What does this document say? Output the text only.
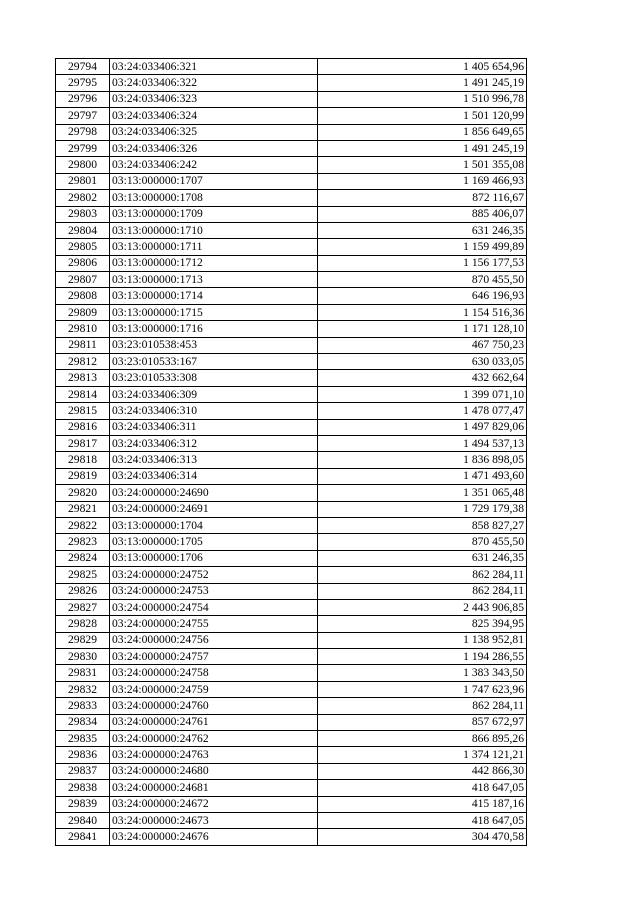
29794	03:24:033406:321	1 405 654,96
29795	03:24:033406:322	1 491 245,19
29796	03:24:033406:323	1 510 996,78
29797	03:24:033406:324	1 501 120,99
29798	03:24:033406:325	1 856 649,65
29799	03:24:033406:326	1 491 245,19
29800	03:24:033406:242	1 501 355,08
29801	03:13:000000:1707	1 169 466,93
29802	03:13:000000:1708	872 116,67
29803	03:13:000000:1709	885 406,07
29804	03:13:000000:1710	631 246,35
29805	03:13:000000:1711	1 159 499,89
29806	03:13:000000:1712	1 156 177,53
29807	03:13:000000:1713	870 455,50
29808	03:13:000000:1714	646 196,93
29809	03:13:000000:1715	1 154 516,36
29810	03:13:000000:1716	1 171 128,10
29811	03:23:010538:453	467 750,23
29812	03:23:010533:167	630 033,05
29813	03:23:010533:308	432 662,64
29814	03:24:033406:309	1 399 071,10
29815	03:24:033406:310	1 478 077,47
29816	03:24:033406:311	1 497 829,06
29817	03:24:033406:312	1 494 537,13
29818	03:24:033406:313	1 836 898,05
29819	03:24:033406:314	1 471 493,60
29820	03:24:000000:24690	1 351 065,48
29821	03:24:000000:24691	1 729 179,38
29822	03:13:000000:1704	858 827,27
29823	03:13:000000:1705	870 455,50
29824	03:13:000000:1706	631 246,35
29825	03:24:000000:24752	862 284,11
29826	03:24:000000:24753	862 284,11
29827	03:24:000000:24754	2 443 906,85
29828	03:24:000000:24755	825 394,95
29829	03:24:000000:24756	1 138 952,81
29830	03:24:000000:24757	1 194 286,55
29831	03:24:000000:24758	1 383 343,50
29832	03:24:000000:24759	1 747 623,96
29833	03:24:000000:24760	862 284,11
29834	03:24:000000:24761	857 672,97
29835	03:24:000000:24762	866 895,26
29836	03:24:000000:24763	1 374 121,21
29837	03:24:000000:24680	442 866,30
29838	03:24:000000:24681	418 647,05
29839	03:24:000000:24672	415 187,16
29840	03:24:000000:24673	418 647,05
29841	03:24:000000:24676	304 470,58
